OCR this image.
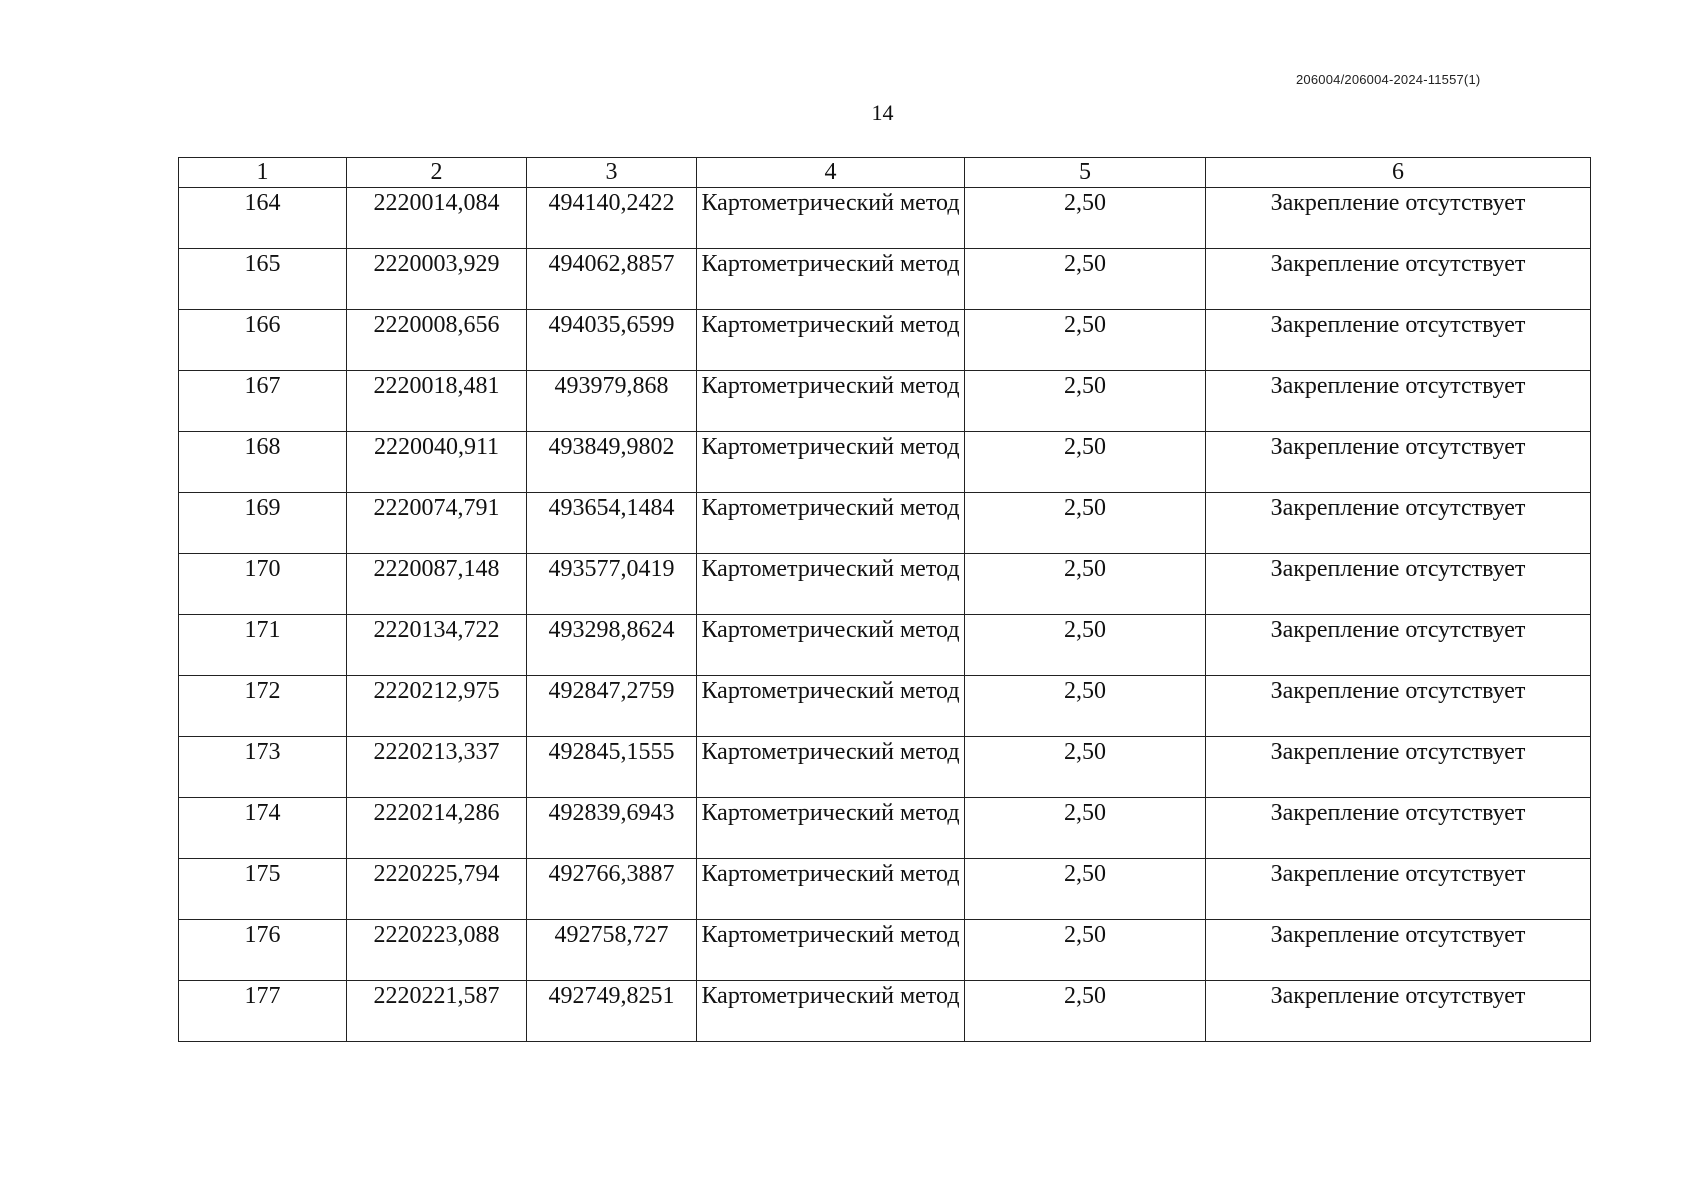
206004/206004-2024-11557(1)
14
1	2	3	4	5	6
164	2220014,084	494140,2422	Картометрический метод	2,50	Закрепление отсутствует
165	2220003,929	494062,8857	Картометрический метод	2,50	Закрепление отсутствует
166	2220008,656	494035,6599	Картометрический метод	2,50	Закрепление отсутствует
167	2220018,481	493979,868	Картометрический метод	2,50	Закрепление отсутствует
168	2220040,911	493849,9802	Картометрический метод	2,50	Закрепление отсутствует
169	2220074,791	493654,1484	Картометрический метод	2,50	Закрепление отсутствует
170	2220087,148	493577,0419	Картометрический метод	2,50	Закрепление отсутствует
171	2220134,722	493298,8624	Картометрический метод	2,50	Закрепление отсутствует
172	2220212,975	492847,2759	Картометрический метод	2,50	Закрепление отсутствует
173	2220213,337	492845,1555	Картометрический метод	2,50	Закрепление отсутствует
174	2220214,286	492839,6943	Картометрический метод	2,50	Закрепление отсутствует
175	2220225,794	492766,3887	Картометрический метод	2,50	Закрепление отсутствует
176	2220223,088	492758,727	Картометрический метод	2,50	Закрепление отсутствует
177	2220221,587	492749,8251	Картометрический метод	2,50	Закрепление отсутствует
